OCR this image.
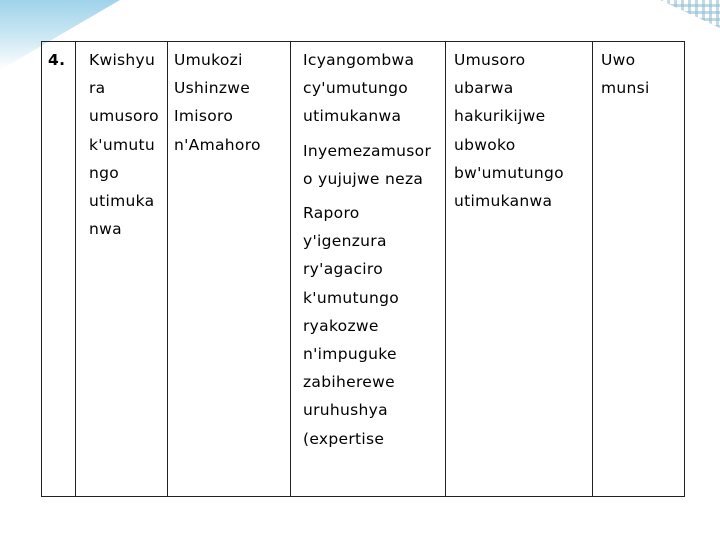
4.	Kwishyu

ra

umusoro

k'umutu

ngo

utimuka

nwa

Umukozi

Ushinzwe

Imisoro

n'Amahoro

Icyangombwa

cy'umutungo

utimukanwa

Inyemezamusor

o yujujwe neza

Raporo

y'igenzura

ry'agaciro

k'umutungo

ryakozwe

n'impuguke

zabiherewe

uruhushya

(expertise

Umusoro

ubarwa

hakurikijwe

ubwoko

bw'umutungo

utimukanwa

Uwo

munsi
